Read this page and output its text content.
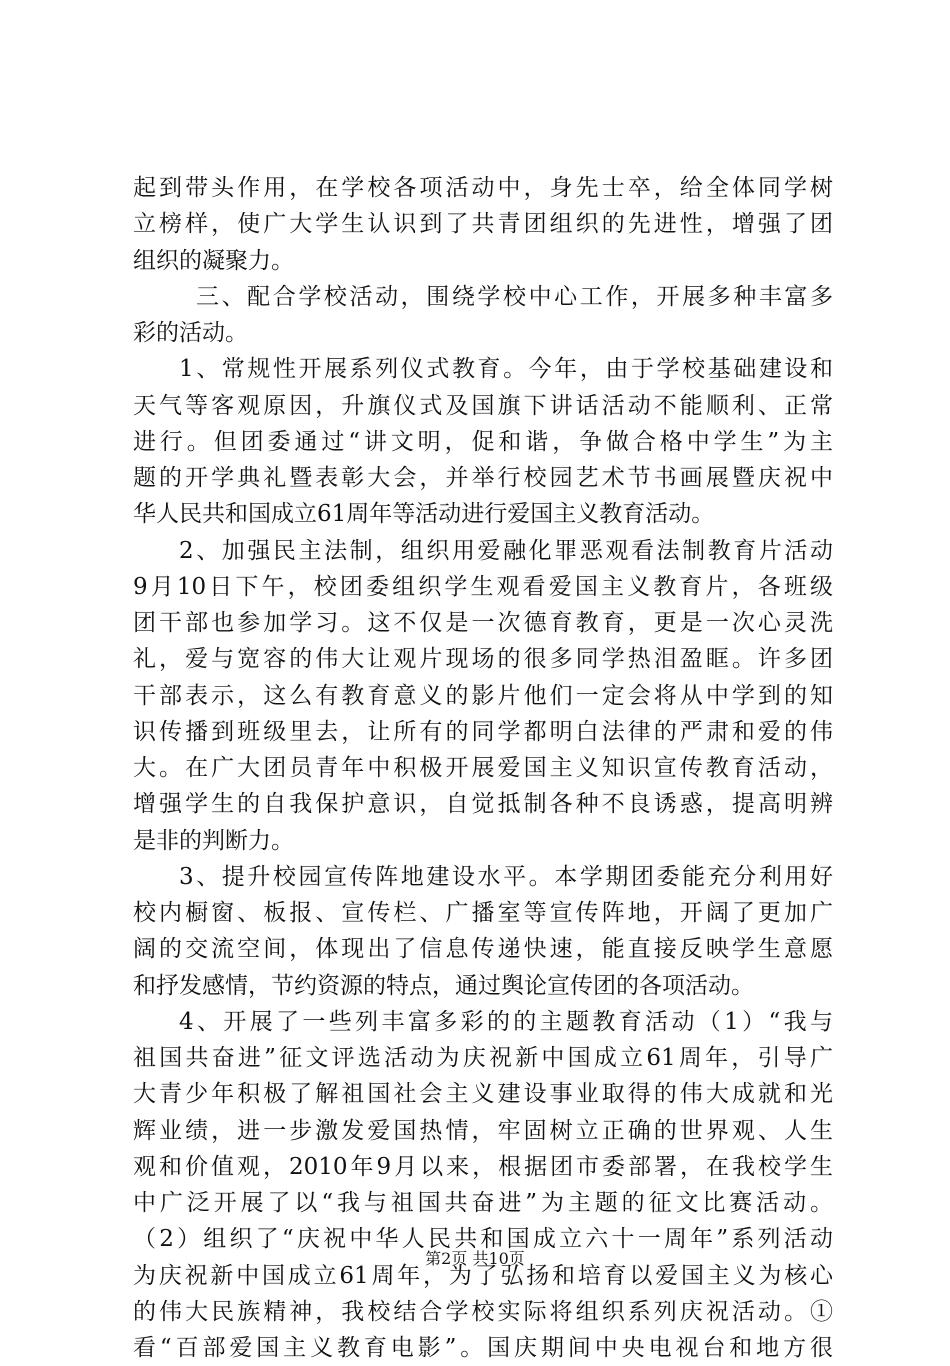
起到带头作用，在学校各项活动中，身先士卒，给全体同学树
立榜样，使广大学生认识到了共青团组织的先进性，增强了团
组织的凝聚力。
三、配合学校活动，围绕学校中心工作，开展多种丰富多
彩的活动。
1、常规性开展系列仪式教育。今年，由于学校基础建设和
天气等客观原因，升旗仪式及国旗下讲话活动不能顺利、正常
进行。但团委通过“讲文明，促和谐，争做合格中学生”为主
题的开学典礼暨表彰大会，并举行校园艺术节书画展暨庆祝中
华人民共和国成立61周年等活动进行爱国主义教育活动。
2、加强民主法制，组织用爱融化罪恶观看法制教育片活动
9月10日下午，校团委组织学生观看爱国主义教育片，各班级
团干部也参加学习。这不仅是一次德育教育，更是一次心灵洗
礼，爱与宽容的伟大让观片现场的很多同学热泪盈眶。许多团
干部表示，这么有教育意义的影片他们一定会将从中学到的知
识传播到班级里去，让所有的同学都明白法律的严肃和爱的伟
大。在广大团员青年中积极开展爱国主义知识宣传教育活动，
增强学生的自我保护意识，自觉抵制各种不良诱惑，提高明辨
是非的判断力。
3、提升校园宣传阵地建设水平。本学期团委能充分利用好
校内橱窗、板报、宣传栏、广播室等宣传阵地，开阔了更加广
阔的交流空间，体现出了信息传递快速，能直接反映学生意愿
和抒发感情，节约资源的特点，通过舆论宣传团的各项活动。
4、开展了一些列丰富多彩的的主题教育活动（1）“我与
祖国共奋进”征文评选活动为庆祝新中国成立61周年，引导广
大青少年积极了解祖国社会主义建设事业取得的伟大成就和光
辉业绩，进一步激发爱国热情，牢固树立正确的世界观、人生
观和价值观，2010年9月以来，根据团市委部署，在我校学生
中广泛开展了以“我与祖国共奋进”为主题的征文比赛活动。
（2）组织了“庆祝中华人民共和国成立六十一周年”系列活动
为庆祝新中国成立61周年，为了弘扬和培育以爱国主义为核心
的伟大民族精神，我校结合学校实际将组织系列庆祝活动。①
看“百部爱国主义教育电影”。国庆期间中央电视台和地方很
第2页 共10页
